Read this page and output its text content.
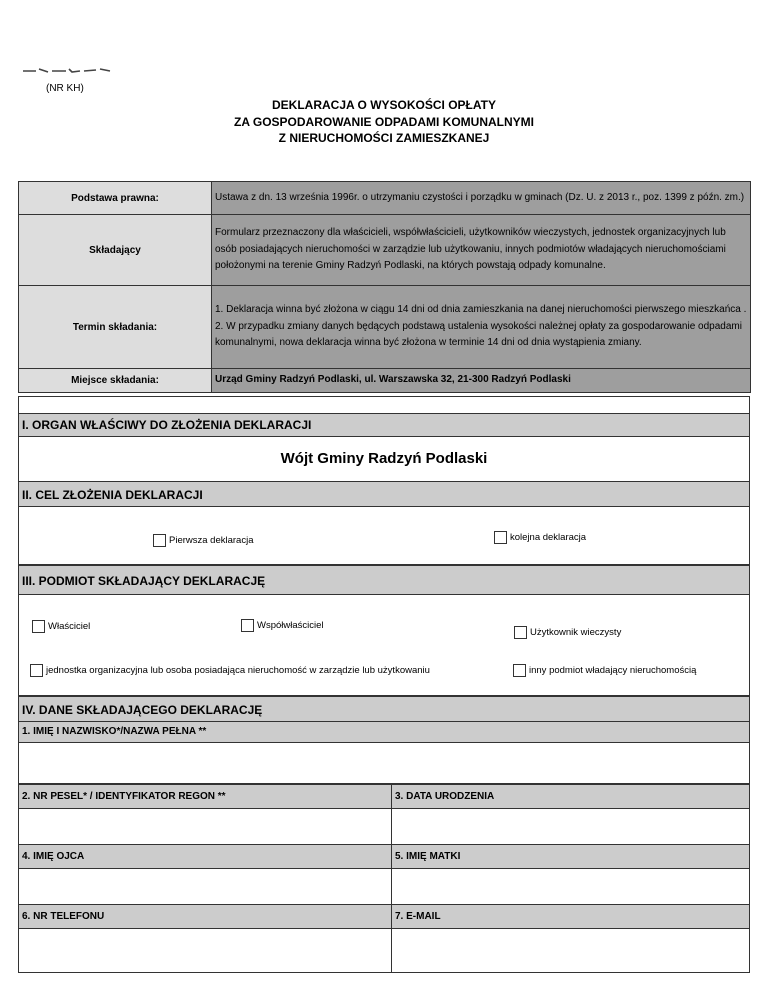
(NR KH)
DEKLARACJA O WYSOKOŚCI OPŁATY
ZA GOSPODAROWANIE ODPADAMI KOMUNALNYMI
Z NIERUCHOMOŚCI ZAMIESZKANEJ
Podstawa prawna:	Ustawa z dn. 13 września 1996r. o utrzymaniu czystości i porządku w gminach (Dz. U. z 2013 r., poz. 1399 z późn. zm.)
Składający	Formularz przeznaczony dla właścicieli, współwłaścicieli, użytkowników wieczystych, jednostek organizacyjnych lub osób posiadających nieruchomości w zarządzie lub użytkowaniu, innych podmiotów władających nieruchomościami położonymi na terenie Gminy Radzyń Podlaski, na których powstają odpady komunalne.
Termin składania:	1. Deklaracja winna być złożona w ciągu 14 dni od dnia zamieszkania na danej nieruchomości pierwszego mieszkańca .
2. W przypadku zmiany danych będących podstawą ustalenia wysokości należnej opłaty za gospodarowanie odpadami komunalnymi, nowa deklaracja winna być złożona w terminie 14 dni od dnia wystąpienia zmiany.

Miejsce składania:	Urząd Gminy Radzyń Podlaski, ul. Warszawska 32, 21-300 Radzyń Podlaski
I. ORGAN WŁAŚCIWY DO ZŁOŻENIA DEKLARACJI
Wójt Gminy Radzyń Podlaski
II. CEL ZŁOŻENIA DEKLARACJI
Pierwsza deklaracja	kolejna deklaracja
III. PODMIOT SKŁADAJĄCY DEKLARACJĘ
Właściciel	Współwłaściciel
Użytkownik wieczysty
jednostka organizacyjna lub osoba posiadająca nieruchomość w zarządzie lub użytkowaniu	inny podmiot władający nieruchomością
IV. DANE SKŁADAJĄCEGO DEKLARACJĘ
1. IMIĘ I NAZWISKO*/NAZWA PEŁNA **
2. NR PESEL* / IDENTYFIKATOR REGON **	3. DATA URODZENIA

4. IMIĘ OJCA	5. IMIĘ MATKI

6. NR TELEFONU	7. E-MAIL
